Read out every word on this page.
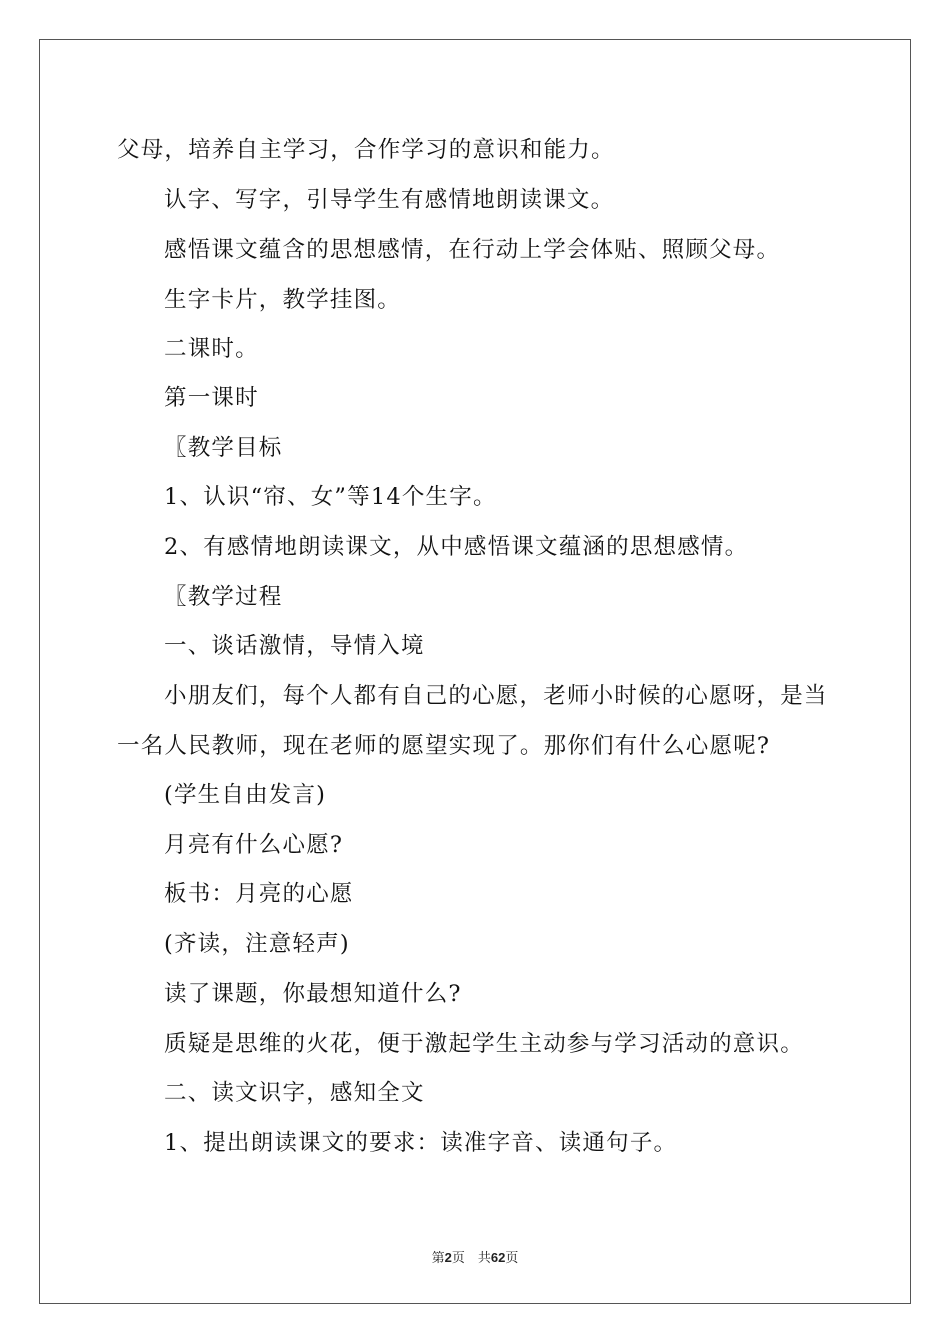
父母，培养自主学习，合作学习的意识和能力。
认字、写字，引导学生有感情地朗读课文。
感悟课文蕴含的思想感情，在行动上学会体贴、照顾父母。
生字卡片，教学挂图。
二课时。
第一课时
〖教学目标
1、认识“帘、女”等14个生字。
2、有感情地朗读课文，从中感悟课文蕴涵的思想感情。
〖教学过程
一、谈话激情，导情入境
小朋友们，每个人都有自己的心愿，老师小时候的心愿呀，是当
一名人民教师，现在老师的愿望实现了。那你们有什么心愿呢?
(学生自由发言)
月亮有什么心愿?
板书：月亮的心愿
(齐读，注意轻声)
读了课题，你最想知道什么?
质疑是思维的火花，便于激起学生主动参与学习活动的意识。
二、读文识字，感知全文
1、提出朗读课文的要求：读准字音、读通句子。
第2页　共62页
